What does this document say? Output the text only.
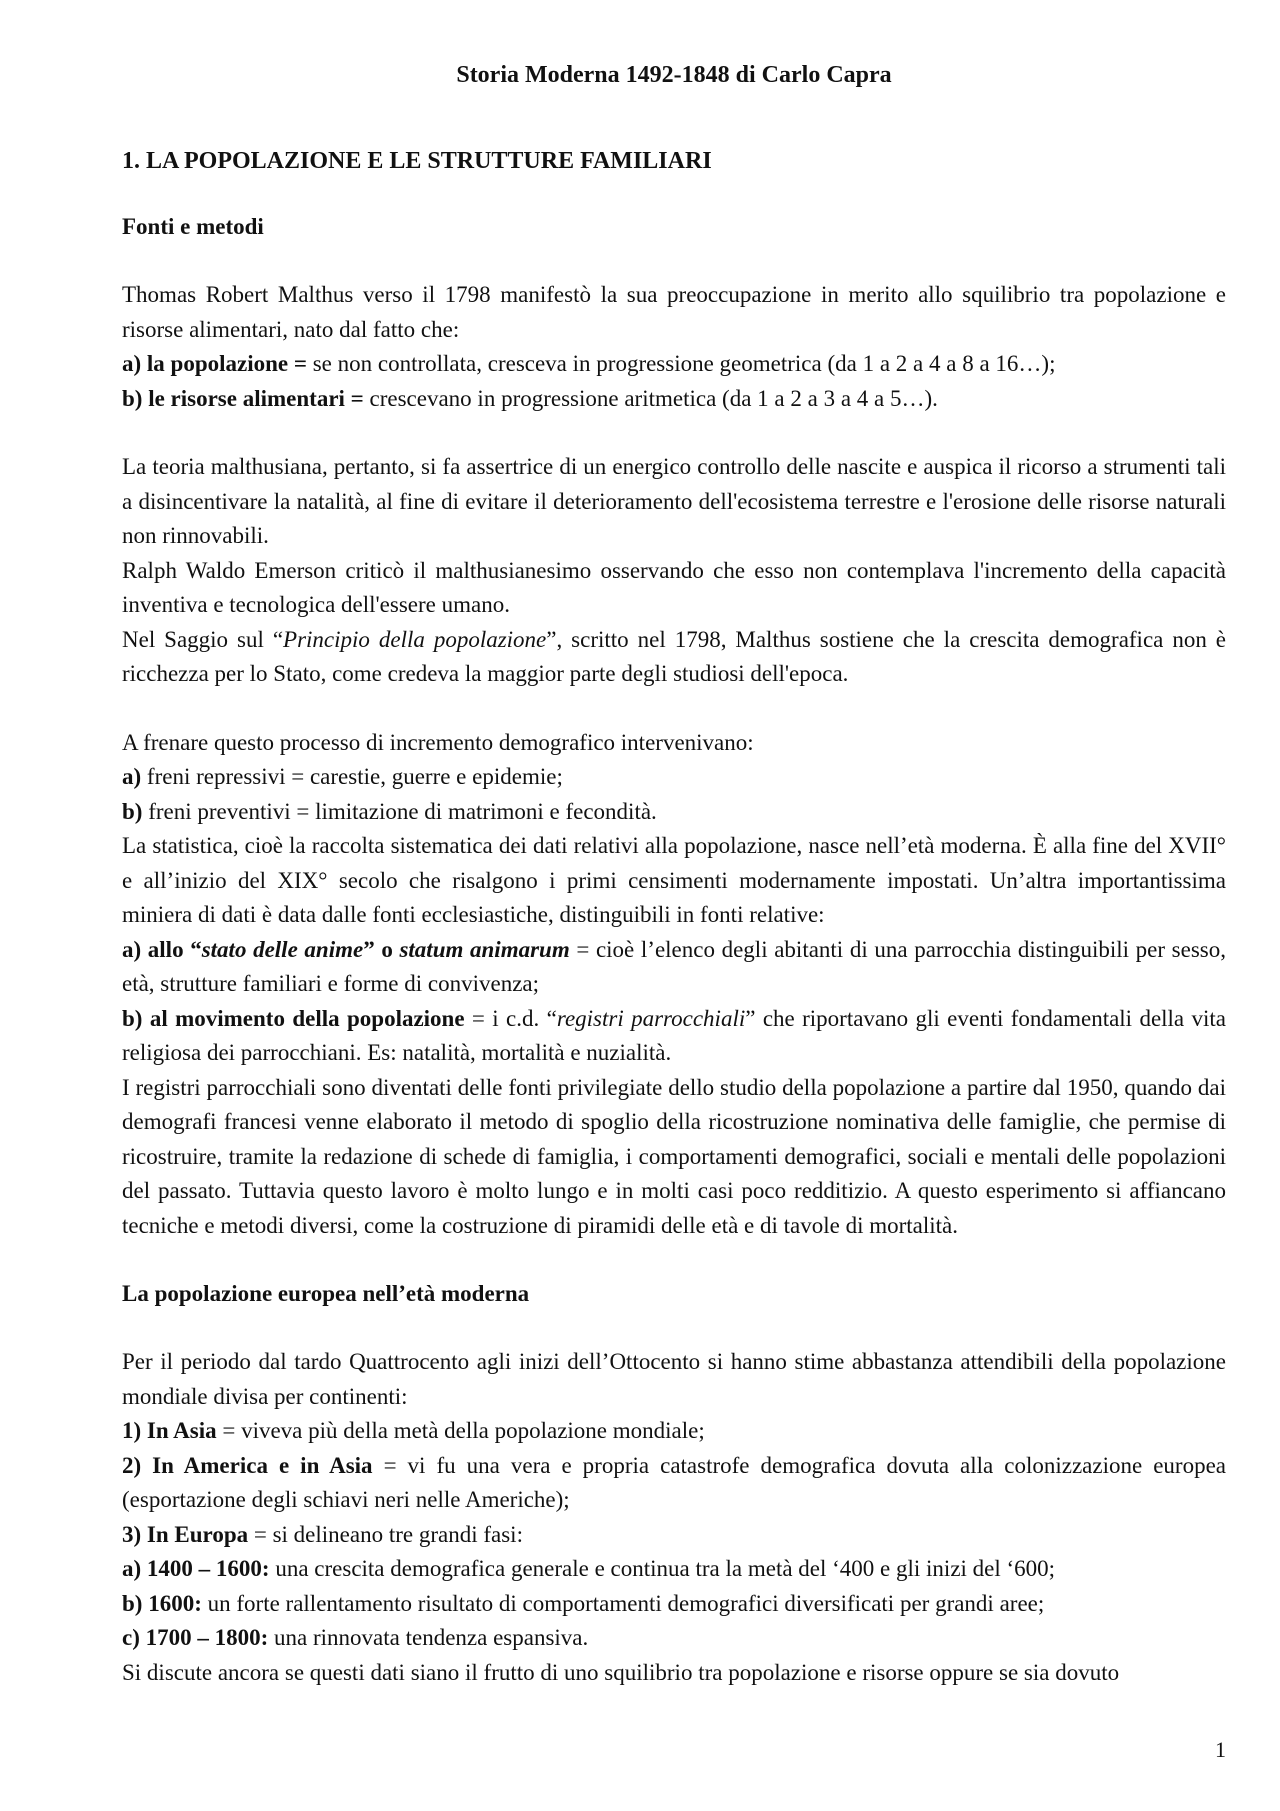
Storia Moderna 1492-1848 di Carlo Capra
1. LA POPOLAZIONE E LE STRUTTURE FAMILIARI
Fonti e metodi

Thomas Robert Malthus verso il 1798 manifestò la sua preoccupazione in merito allo squilibrio tra popolazione e risorse alimentari, nato dal fatto che:

a) la popolazione = se non controllata, cresceva in progressione geometrica (da 1 a 2 a 4 a 8 a 16…);

b) le risorse alimentari = crescevano in progressione aritmetica (da 1 a 2 a 3 a 4 a 5…).

La teoria malthusiana, pertanto, si fa assertrice di un energico controllo delle nascite e auspica il ricorso a strumenti tali a disincentivare la natalità, al fine di evitare il deterioramento dell'ecosistema terrestre e l'erosione delle risorse naturali non rinnovabili.

Ralph Waldo Emerson criticò il malthusianesimo osservando che esso non contemplava l'incremento della capacità inventiva e tecnologica dell'essere umano.

Nel Saggio sul “Principio della popolazione”, scritto nel 1798, Malthus sostiene che la crescita demografica non è ricchezza per lo Stato, come credeva la maggior parte degli studiosi dell'epoca.

A frenare questo processo di incremento demografico intervenivano:

a) freni repressivi = carestie, guerre e epidemie;

b) freni preventivi = limitazione di matrimoni e fecondità.

La statistica, cioè la raccolta sistematica dei dati relativi alla popolazione, nasce nell’età moderna. È alla fine del XVII° e all’inizio del XIX° secolo che risalgono i primi censimenti modernamente impostati. Un’altra importantissima miniera di dati è data dalle fonti ecclesiastiche, distinguibili in fonti relative:

a) allo “stato delle anime” o statum animarum = cioè l’elenco degli abitanti di una parrocchia distinguibili per sesso, età, strutture familiari e forme di convivenza;

b) al movimento della popolazione = i c.d. “registri parrocchiali” che riportavano gli eventi fondamentali della vita religiosa dei parrocchiani. Es: natalità, mortalità e nuzialità.

I registri parrocchiali sono diventati delle fonti privilegiate dello studio della popolazione a partire dal 1950, quando dai demografi francesi venne elaborato il metodo di spoglio della ricostruzione nominativa delle famiglie, che permise di ricostruire, tramite la redazione di schede di famiglia, i comportamenti demografici, sociali e mentali delle popolazioni del passato. Tuttavia questo lavoro è molto lungo e in molti casi poco redditizio. A questo esperimento si affiancano tecniche e metodi diversi, come la costruzione di piramidi delle età e di tavole di mortalità.

La popolazione europea nell’età moderna

Per il periodo dal tardo Quattrocento agli inizi dell’Ottocento si hanno stime abbastanza attendibili della popolazione mondiale divisa per continenti:

1) In Asia = viveva più della metà della popolazione mondiale;

2) In America e in Asia = vi fu una vera e propria catastrofe demografica dovuta alla colonizzazione europea (esportazione degli schiavi neri nelle Americhe);

3) In Europa = si delineano tre grandi fasi:

a) 1400 – 1600: una crescita demografica generale e continua tra la metà del ‘400 e gli inizi del ‘600;

b) 1600: un forte rallentamento risultato di comportamenti demografici diversificati per grandi aree;

c) 1700 – 1800: una rinnovata tendenza espansiva.

Si discute ancora se questi dati siano il frutto di uno squilibrio tra popolazione e risorse oppure se sia dovuto

1
